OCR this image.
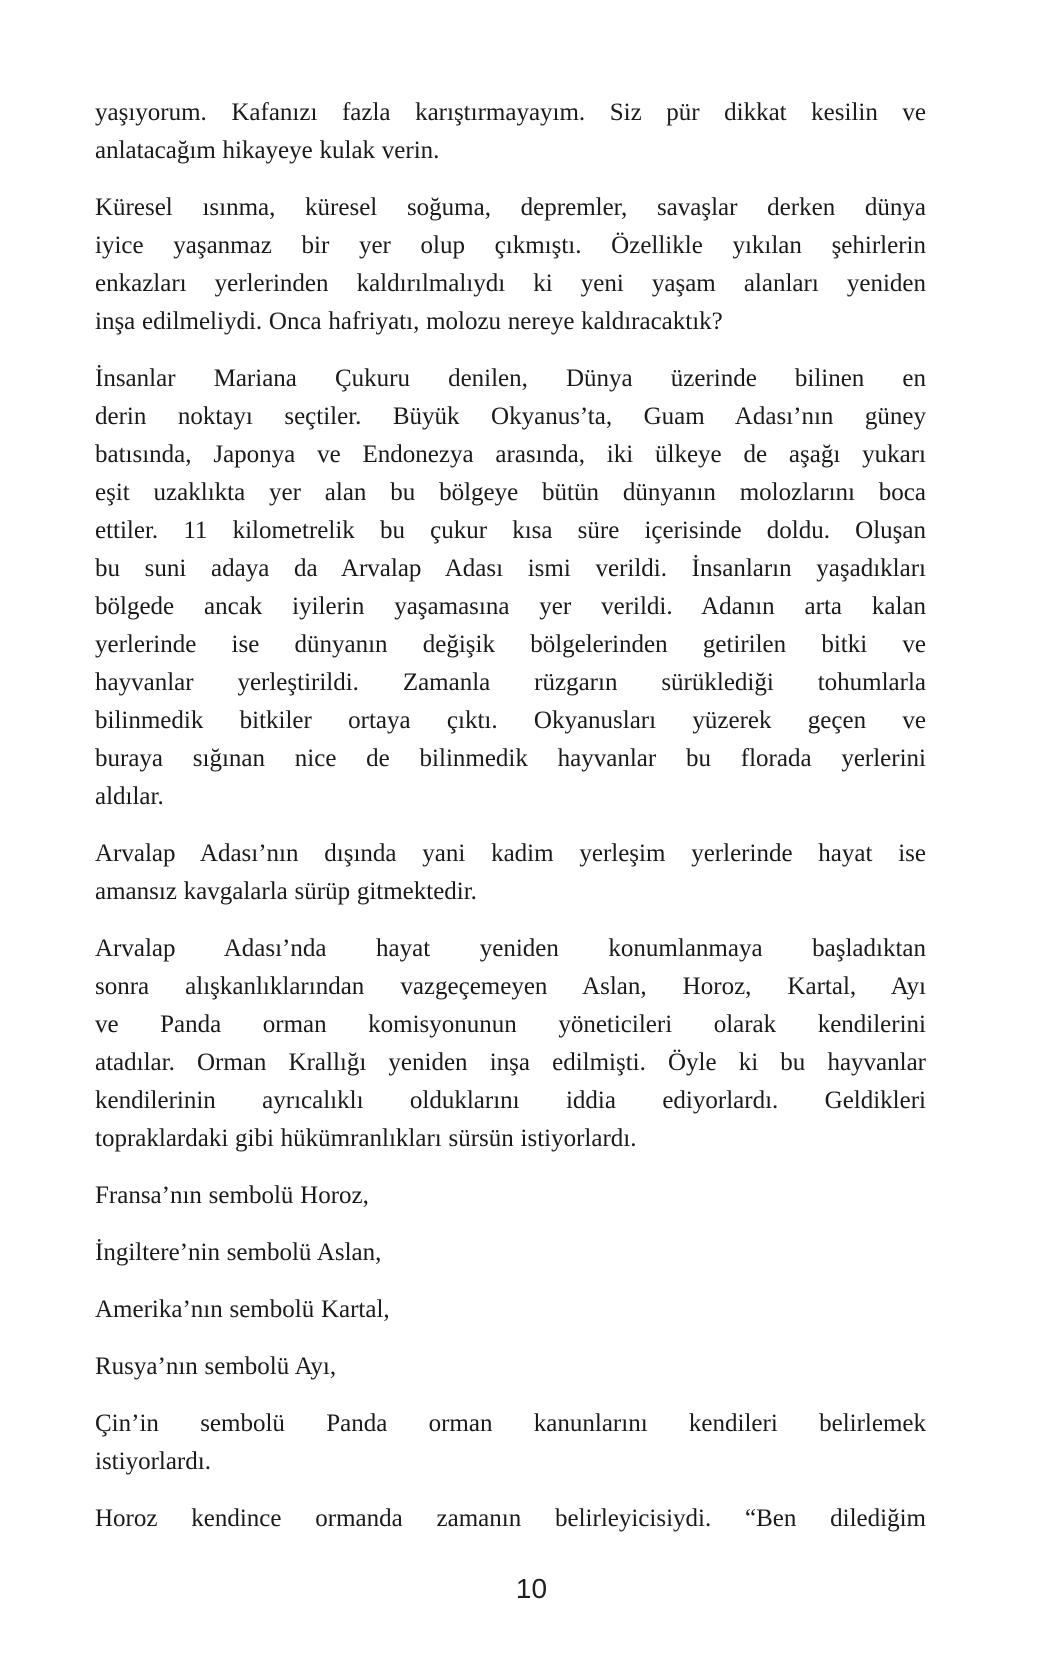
yaşıyorum. Kafanızı fazla karıştırmayayım. Siz pür dikkat kesilin ve
anlatacağım hikayeye kulak verin.

Küresel ısınma, küresel soğuma, depremler, savaşlar derken dünya
iyice yaşanmaz bir yer olup çıkmıştı. Özellikle yıkılan şehirlerin
enkazları yerlerinden kaldırılmalıydı ki yeni yaşam alanları yeniden
inşa edilmeliydi. Onca hafriyatı, molozu nereye kaldıracaktık?

İnsanlar Mariana Çukuru denilen, Dünya üzerinde bilinen en
derin noktayı seçtiler. Büyük Okyanus’ta, Guam Adası’nın güney
batısında, Japonya ve Endonezya arasında, iki ülkeye de aşağı yukarı
eşit uzaklıkta yer alan bu bölgeye bütün dünyanın molozlarını boca
ettiler. 11 kilometrelik bu çukur kısa süre içerisinde doldu. Oluşan
bu suni adaya da Arvalap Adası ismi verildi. İnsanların yaşadıkları
bölgede ancak iyilerin yaşamasına yer verildi. Adanın arta kalan
yerlerinde ise dünyanın değişik bölgelerinden getirilen bitki ve
hayvanlar yerleştirildi. Zamanla rüzgarın sürüklediği tohumlarla
bilinmedik bitkiler ortaya çıktı. Okyanusları yüzerek geçen ve
buraya sığınan nice de bilinmedik hayvanlar bu florada yerlerini
aldılar.

Arvalap Adası’nın dışında yani kadim yerleşim yerlerinde hayat ise
amansız kavgalarla sürüp gitmektedir.

Arvalap Adası’nda hayat yeniden konumlanmaya başladıktan
sonra alışkanlıklarından vazgeçemeyen Aslan, Horoz, Kartal, Ayı
ve Panda orman komisyonunun yöneticileri olarak kendilerini
atadılar. Orman Krallığı yeniden inşa edilmişti. Öyle ki bu hayvanlar
kendilerinin ayrıcalıklı olduklarını iddia ediyorlardı. Geldikleri
topraklardaki gibi hükümranlıkları sürsün istiyorlardı.

Fransa’nın sembolü Horoz,

İngiltere’nin sembolü Aslan,

Amerika’nın sembolü Kartal,

Rusya’nın sembolü Ayı,

Çin’in sembolü Panda orman kanunlarını kendileri belirlemek
istiyorlardı.

Horoz kendince ormanda zamanın belirleyicisiydi. “Ben dilediğim

10
